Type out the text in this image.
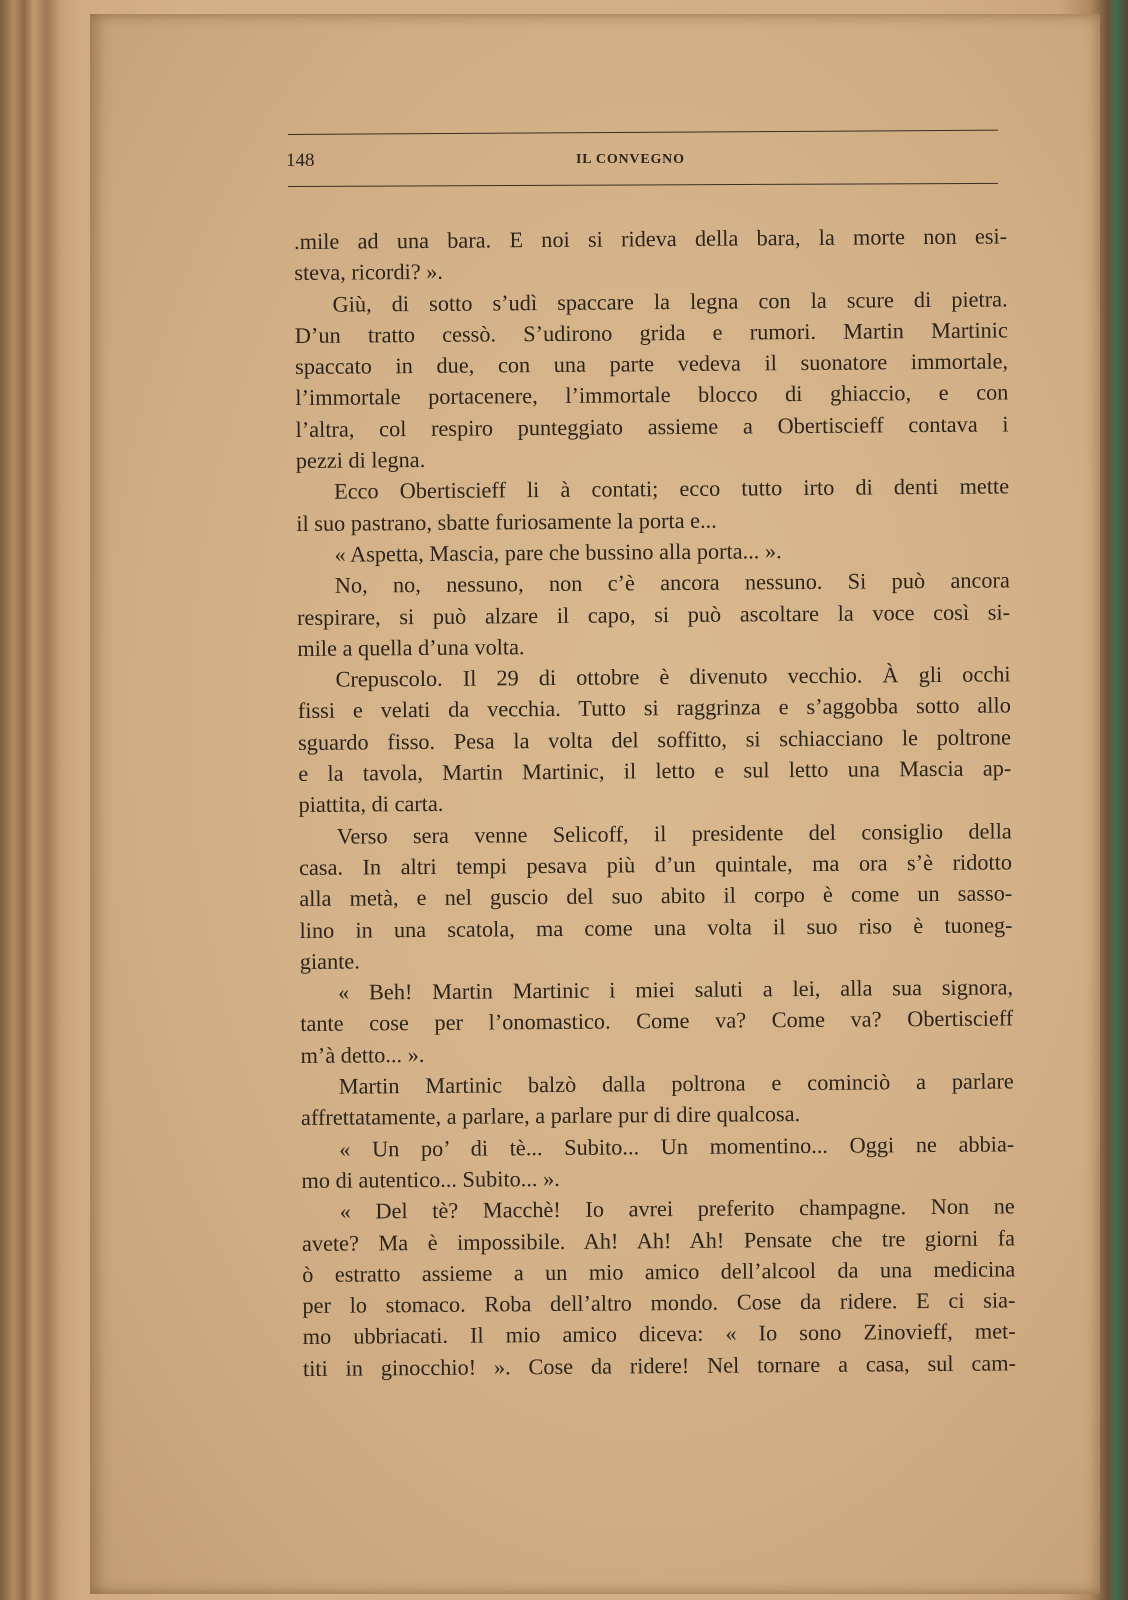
148	IL CONVEGNO
.mile ad una bara. E noi si rideva della bara, la morte non esi-
steva, ricordi? ».
Giù, di sotto s’udì spaccare la legna con la scure di pietra.
D’un tratto cessò. S’udirono grida e rumori. Martin Martinic
spaccato in due, con una parte vedeva il suonatore immortale,
l’immortale portacenere, l’immortale blocco di ghiaccio, e con
l’altra, col respiro punteggiato assieme a Obertiscieff contava i
pezzi di legna.
Ecco Obertiscieff li à contati; ecco tutto irto di denti mette
il suo pastrano, sbatte furiosamente la porta e...
« Aspetta, Mascia, pare che bussino alla porta... ».
No, no, nessuno, non c’è ancora nessuno. Si può ancora
respirare, si può alzare il capo, si può ascoltare la voce così si-
mile a quella d’una volta.
Crepuscolo. Il 29 di ottobre è divenuto vecchio. À gli occhi
fissi e velati da vecchia. Tutto si raggrinza e s’aggobba sotto allo
sguardo fisso. Pesa la volta del soffitto, si schiacciano le poltrone
e la tavola, Martin Martinic, il letto e sul letto una Mascia ap-
piattita, di carta.
Verso sera venne Selicoff, il presidente del consiglio della
casa. In altri tempi pesava più d’un quintale, ma ora s’è ridotto
alla metà, e nel guscio del suo abito il corpo è come un sasso-
lino in una scatola, ma come una volta il suo riso è tuoneg-
giante.
« Beh! Martin Martinic i miei saluti a lei, alla sua signora,
tante cose per l’onomastico. Come va? Come va? Obertiscieff
m’à detto... ».
Martin Martinic balzò dalla poltrona e cominciò a parlare
affrettatamente, a parlare, a parlare pur di dire qualcosa.
« Un po’ di tè... Subito... Un momentino... Oggi ne abbia-
mo di autentico... Subito... ».
« Del tè? Macchè! Io avrei preferito champagne. Non ne
avete? Ma è impossibile. Ah! Ah! Ah! Pensate che tre giorni fa
ò estratto assieme a un mio amico dell’alcool da una medicina
per lo stomaco. Roba dell’altro mondo. Cose da ridere. E ci sia-
mo ubbriacati. Il mio amico diceva: « Io sono Zinovieff, met-
titi in ginocchio! ». Cose da ridere! Nel tornare a casa, sul cam-
